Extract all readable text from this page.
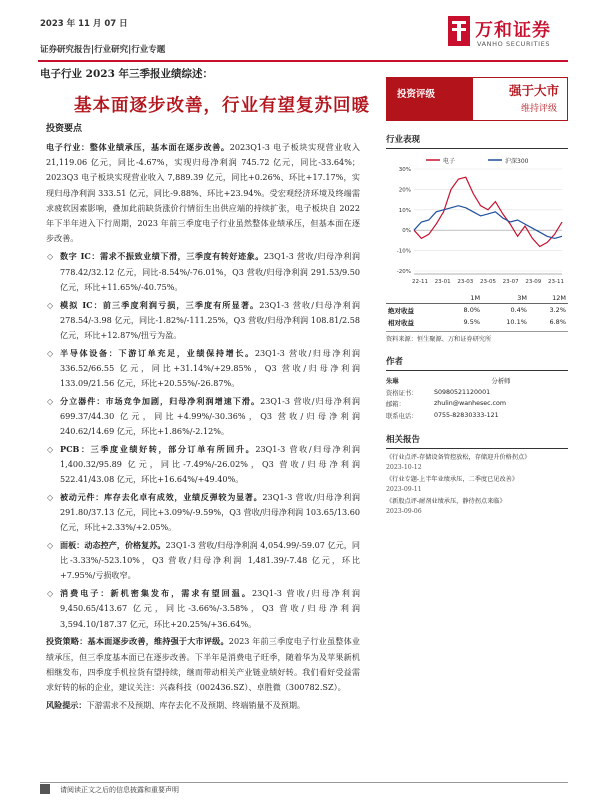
2023 年 11 月 07 日
证券研究报告|行业研究|行业专题
万和证券
VANHO SECURITIES
电子行业 2023 年三季报业绩综述：
基本面逐步改善，行业有望复苏回暖
投资要点
电子行业：整体业绩承压，基本面在逐步改善。2023Q1-3 电子板块实现营业收入 21,119.06 亿元，同比-4.67%，实现归母净利润 745.72 亿元，同比-33.64%；2023Q3 电子板块实现营业收入 7,889.39 亿元，同比+0.26%、环比+17.17%，实现归母净利润 333.51 亿元，同比-9.88%、环比+23.94%。受宏观经济环境及终端需求疲软因素影响，叠加此前缺货涨价行情衍生出供应端的持续扩张，电子板块自 2022 年下半年进入下行周期，2023 年前三季度电子行业虽然整体业绩承压，但基本面在逐步改善。
◇ 数字 IC：需求不振致业绩下滑，三季度有转好迹象。23Q1-3 营收/归母净利润 778.42/32.12 亿元，同比-8.54%/-76.01%，Q3 营收/归母净利润 291.53/9.50 亿元，环比+11.65%/-40.75%。
◇ 模拟 IC：前三季度利润亏损，三季度有所显著。23Q1-3 营收/归母净利润 278.54/-3.98 亿元，同比-1.82%/-111.25%，Q3 营收/归母净利润 108.81/2.58 亿元，环比+12.87%/扭亏为盈。
◇ 半导体设备：下游订单充足，业绩保持增长。23Q1-3 营收/归母净利润 336.52/66.55 亿元，同比+31.14%/+29.85%，Q3 营收/归母净利润 133.09/21.56 亿元，环比+20.55%/-26.87%。
◇ 分立器件：市场竞争加剧，归母净利润增速下滑。23Q1-3 营收/归母净利润 699.37/44.30 亿元，同比+4.99%/-30.36%，Q3 营收/归母净利润 240.62/14.69 亿元，环比+1.86%/-2.12%。
◇ PCB：三季度业绩好转，部分订单有所回升。23Q1-3 营收/归母净利润 1,400.32/95.89 亿元，同比-7.49%/-26.02%，Q3 营收/归母净利润 522.41/43.08 亿元，环比+16.64%/+49.40%。
◇ 被动元件：库存去化卓有成效，业绩反弹较为显著。23Q1-3 营收/归母净利润 291.80/37.13 亿元，同比+3.09%/-9.59%，Q3 营收/归母净利润 103.65/13.60 亿元，环比+2.33%/+2.05%。
◇ 面板：动态控产，价格复苏。23Q1-3 营收/归母净利润 4,054.99/-59.07 亿元，同比-3.33%/-523.10%，Q3 营收/归母净利润 1,481.39/-7.48 亿元，环比+7.95%/亏损收窄。
◇ 消费电子：新机密集发布，需求有望回温。23Q1-3 营收/归母净利润 9,450.65/413.67 亿元，同比-3.66%/-3.58%，Q3 营收/归母净利润 3,594.10/187.37 亿元，环比+20.25%/+36.64%。
投资策略：基本面逐步改善，维持强于大市评级。2023 年前三季度电子行业虽整体业绩承压，但三季度基本面已在逐步改善。下半年是消费电子旺季，随着华为及苹果新机相继发布，四季度手机拉货有望持续，继而带动相关产业链业绩好转。我们看好受益需求好转的标的企业，建议关注：兴森科技（002436.SZ）、卓胜微（300782.SZ）。
风险提示：下游需求不及预期、库存去化不及预期、终端销量不及预期。
投资评级	强于大市
维持评级
行业表现
电子	沪深300
30%
20%
10%
0%
-10%
-20%
22-11 23-01 23-03 23-05 23-07 23-09 23-11
	1M	3M	12M
绝对收益	8.0%	0.4%	3.2%
相对收益	9.5%	10.1%	6.8%
资料来源：恒生聚源、万和证券研究所
作者
朱琳	分析师
资格证书：	S0980521120001
邮箱：	zhulin@wanhesec.com
联系电话：	0755-82830333-121
相关报告
《行业点评-存储设备管控放松，存储迎升价格拐点》
2023-10-12
《行业专题-上半年业绩承压，二季度已见改善》
2023-09-11
《新股点评-耐剂业绩承压，静待拐点来临》
2023-09-06
请阅读正文之后的信息披露和重要声明
